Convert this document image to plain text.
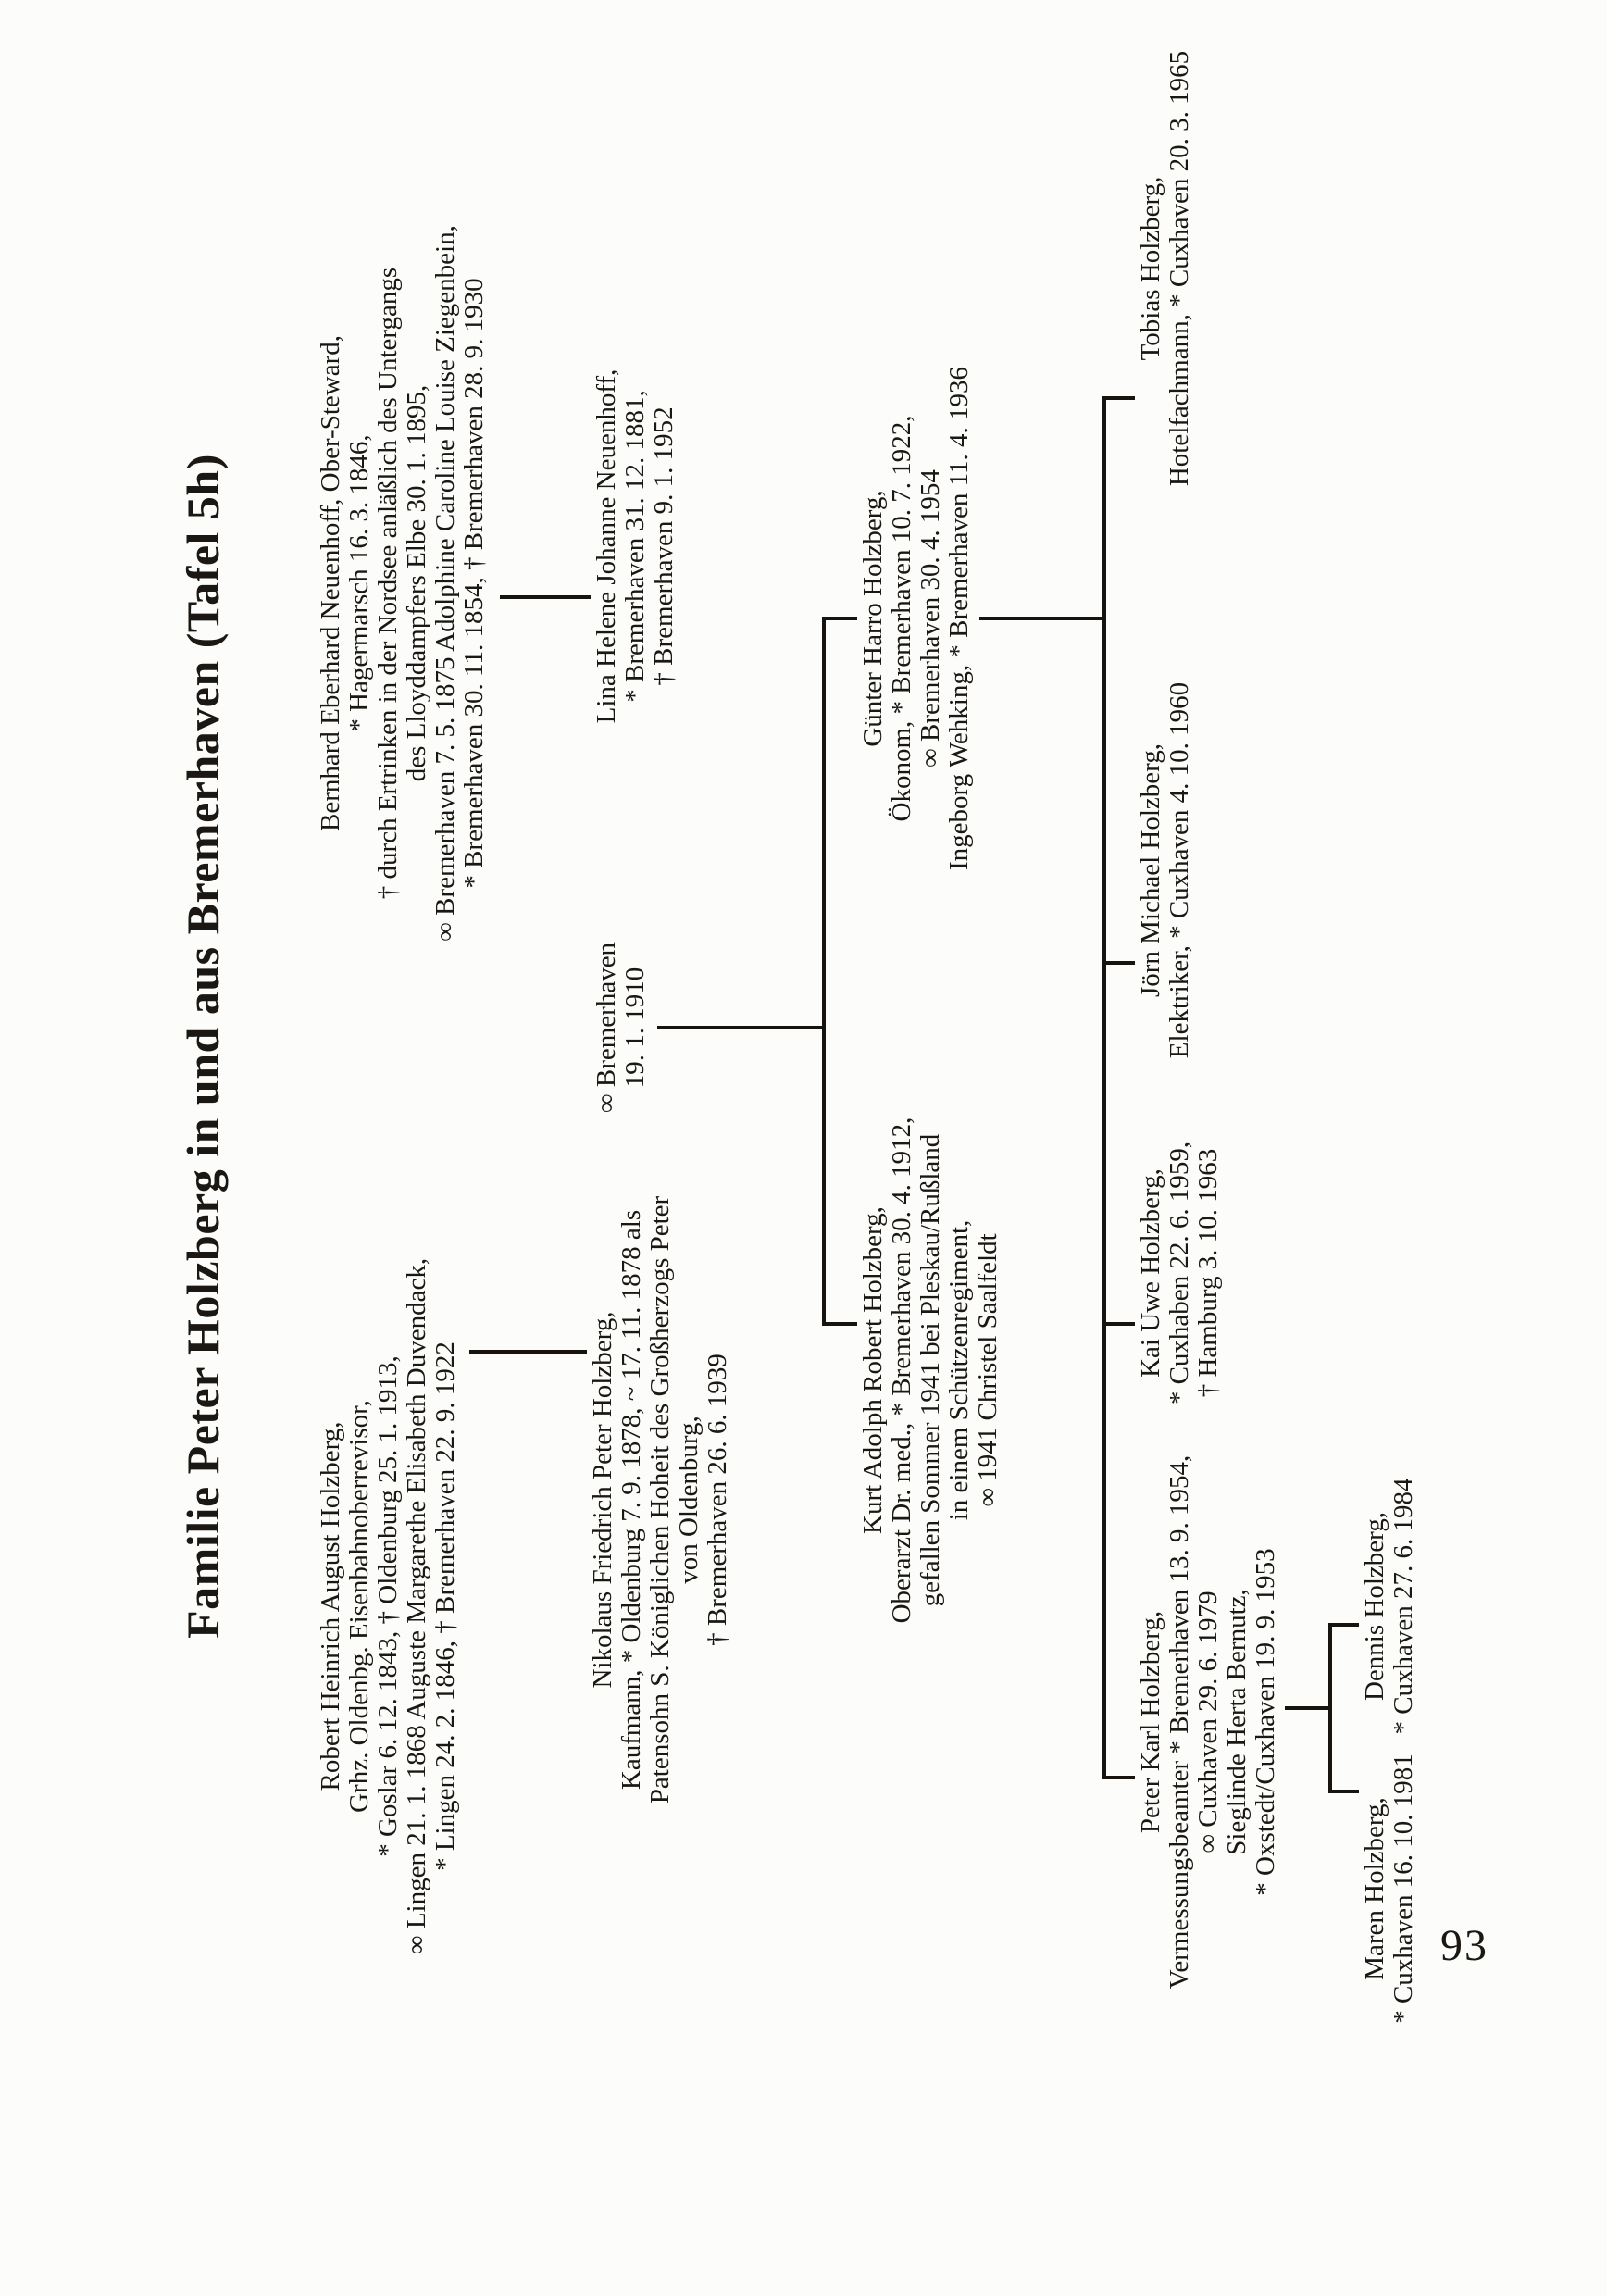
Familie Peter Holzberg in und aus Bremerhaven (Tafel 5h)	Bernhard Eberhard Neuenhoff, Ober-Steward, * Hagermarsch 16. 3. 1846, † durch Ertrinken in der Nordsee anläßlich des Untergangs des Lloyddampfers Elbe 30. 1. 1895, ∞ Bremerhaven 7. 5. 1875 Adolphine Caroline Louise Ziegenbein, * Bremerhaven 30. 11. 1854, † Bremerhaven 28. 9. 1930
Robert Heinrich August Holzberg, Grhz. Oldenbg. Eisenbahnoberrevisor, * Goslar 6. 12. 1843, † Oldenburg 25. 1. 1913, ∞ Lingen 21. 1. 1868 Auguste Margarethe Elisabeth Duvendack, * Lingen 24. 2. 1846, † Bremerhaven 22. 9. 1922	Nikolaus Friedrich Peter Holzberg, Kaufmann, * Oldenburg 7. 9. 1878, ~ 17. 11. 1878 als Patensohn S. Königlichen Hoheit des Großherzogs Peter von Oldenburg, † Bremerhaven 26. 6. 1939
∞ Bremerhaven 19. 1. 1910
Lina Helene Johanne Neuenhoff, * Bremerhaven 31. 12. 1881, † Bremerhaven 9. 1. 1952
Kurt Adolph Robert Holzberg, Oberarzt Dr. med., * Bremerhaven 30. 4. 1912, gefallen Sommer 1941 bei Pleskau/Rußland in einem Schützenregiment, ∞ 1941 Christel Saalfeldt
Günter Harro Holzberg, Ökonom, * Bremerhaven 10. 7. 1922, ∞ Bremerhaven 30. 4. 1954 Ingeborg Wehking, * Bremerhaven 11. 4. 1936
Peter Karl Holzberg, Vermessungsbeamter * Bremerhaven 13. 9. 1954, ∞ Cuxhaven 29. 6. 1979 Sieglinde Herta Bernutz, * Oxstedt/Cuxhaven 19. 9. 1953
Kai Uwe Holzberg, * Cuxhaben 22. 6. 1959, † Hamburg 3. 10. 1963
Jörn Michael Holzberg, Elektriker, * Cuxhaven 4. 10. 1960
Tobias Holzberg, Hotelfachmann, * Cuxhaven 20. 3. 1965
Maren Holzberg, * Cuxhaven 16. 10. 1981
Dennis Holzberg, * Cuxhaven 27. 6. 1984
93
